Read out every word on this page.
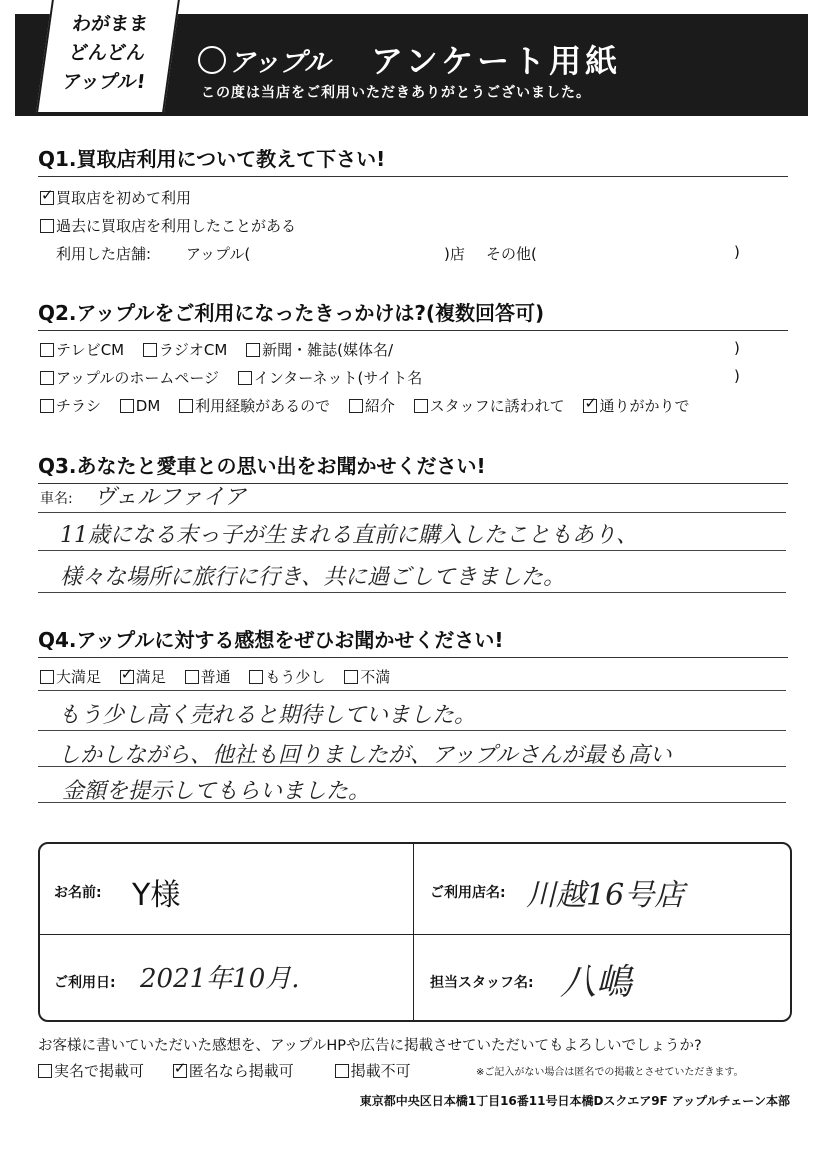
アップル アンケート用紙
この度は当店をご利用いただきありがとうございました。
わがまま
どんどん
アップル!
Q1.買取店利用について教えて下さい!
✓
買取店を初めて利用
過去に買取店を利用したことがある
利用した店舗: アップル(	)店 その他(	)
Q2.アップルをご利用になったきっかけは?(複数回答可)
テレビCM
ラジオCM
新聞・雑誌(媒体名/	)
アップルのホームページ
インターネット(サイト名	)
チラシ
DM
利用経験があるので
紹介
スタッフに誘われて
✓ 通りがかりで
Q3.あなたと愛車との思い出をお聞かせください!
車名: ヴェルファイア
11歳になる末っ子が生まれる直前に購入したこともあり、
様々な場所に旅行に行き、共に過ごしてきました。
Q4.アップルに対する感想をぜひお聞かせください!
大満足
✓ 満足
普通
もう少し
不満
もう少し高く売れると期待していました。
しかしながら、他社も回りましたが、アップルさんが最も高い
金額を提示してもらいました。
お名前: Y様	ご利用店名: 川越16号店
ご利用日: 2021年10月.	担当スタッフ名: 八嶋
お客様に書いていただいた感想を、アップルHPや広告に掲載させていただいてもよろしいでしょうか?
実名で掲載可
✓	匿名なら掲載可
	掲載不可	※ご記入がない場合は匿名での掲載とさせていただきます。
東京都中央区日本橋1丁目16番11号日本橋Dスクエア9F アップルチェーン本部
